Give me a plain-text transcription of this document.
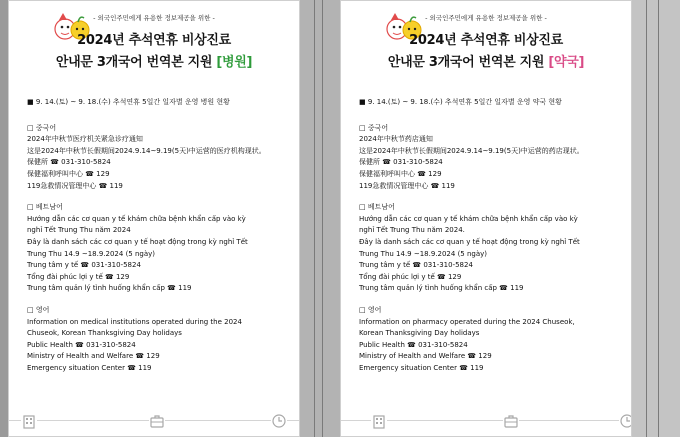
- 외국인주민에게 유용한 정보제공을 위한 -
2024년 추석연휴 비상진료
안내문 3개국어 번역본 지원 [병원]

■ 9. 14.(토) ~ 9. 18.(수) 추석연휴 5일간 일자별 운영 병원 현황

□ 중국어

2024年中秋节医疗机关紧急诊疗通知

这是2024年中秋节长假期间2024.9.14~9.19(5天)中运营的医疗机构现状。

保健所 ☎ 031-310-5824

保健福利呼叫中心 ☎ 129

119急救情况管理中心 ☎ 119

□ 베트남어

Hướng dẫn các cơ quan y tế khám chữa bệnh khẩn cấp vào kỳ

nghỉ Tết Trung Thu năm 2024

Đây là danh sách các cơ quan y tế hoạt động trong kỳ nghỉ Tết

Trung Thu 14.9 ~18.9.2024 (5 ngày)

Trung tâm y tế ☎ 031-310-5824

Tổng đài phúc lợi y tế ☎ 129

Trung tâm quản lý tình huống khẩn cấp ☎ 119

□ 영어

Information on medical institutions operated during the 2024

Chuseok, Korean Thanksgiving Day holidays

Public Health ☎ 031-310-5824

Ministry of Health and Welfare ☎ 129

Emergency situation Center ☎ 119

- 외국인주민에게 유용한 정보제공을 위한 -
2024년 추석연휴 비상진료
안내문 3개국어 번역본 지원 [약국]

■ 9. 14.(토) ~ 9. 18.(수) 추석연휴 5일간 일자별 운영 약국 현황

□ 중국어

2024年中秋节药店通知

这是2024年中秋节长假期间2024.9.14~9.19(5天)中运营的药店现状。

保健所 ☎ 031-310-5824

保健福利呼叫中心 ☎ 129

119急救情况管理中心 ☎ 119

□ 베트남어

Hướng dẫn các cơ quan y tế khám chữa bệnh khẩn cấp vào kỳ

nghỉ Tết Trung Thu năm 2024.

Đây là danh sách các cơ quan y tế hoạt động trong kỳ nghỉ Tết

Trung Thu 14.9 ~18.9.2024 (5 ngày)

Trung tâm y tế ☎ 031-310-5824

Tổng đài phúc lợi y tế ☎ 129

Trung tâm quản lý tình huống khẩn cấp ☎ 119

□ 영어

Information on pharmacy operated during the 2024 Chuseok,

Korean Thanksgiving Day holidays

Public Health ☎ 031-310-5824

Ministry of Health and Welfare ☎ 129

Emergency situation Center ☎ 119
